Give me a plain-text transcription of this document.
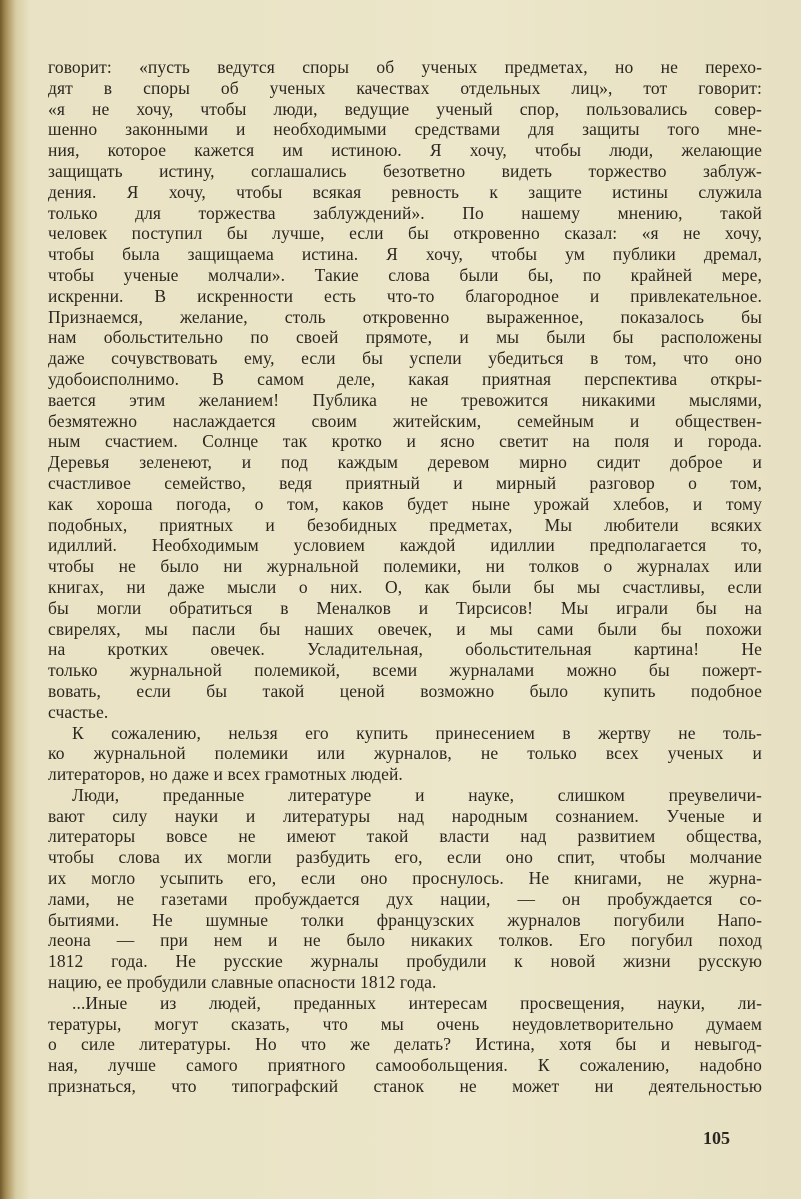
говорит: «пусть ведутся споры об ученых предметах, но не перехо-
дят в споры об ученых качествах отдельных лиц», тот говорит:
«я не хочу, чтобы люди, ведущие ученый спор, пользовались совер-
шенно законными и необходимыми средствами для защиты того мне-
ния, которое кажется им истиною. Я хочу, чтобы люди, желающие
защищать истину, соглашались безответно видеть торжество заблуж-
дения. Я хочу, чтобы всякая ревность к защите истины служила
только для торжества заблуждений». По нашему мнению, такой
человек поступил бы лучше, если бы откровенно сказал: «я не хочу,
чтобы была защищаема истина. Я хочу, чтобы ум публики дремал,
чтобы ученые молчали». Такие слова были бы, по крайней мере,
искренни. В искренности есть что-то благородное и привлекательное.
Признаемся, желание, столь откровенно выраженное, показалось бы
нам обольстительно по своей прямоте, и мы были бы расположены
даже сочувствовать ему, если бы успели убедиться в том, что оно
удобоисполнимо. В самом деле, какая приятная перспектива откры-
вается этим желанием! Публика не тревожится никакими мыслями,
безмятежно наслаждается своим житейским, семейным и обществен-
ным счастием. Солнце так кротко и ясно светит на поля и города.
Деревья зеленеют, и под каждым деревом мирно сидит доброе и
счастливое семейство, ведя приятный и мирный разговор о том,
как хороша погода, о том, каков будет ныне урожай хлебов, и тому
подобных, приятных и безобидных предметах, Мы любители всяких
идиллий. Необходимым условием каждой идиллии предполагается то,
чтобы не было ни журнальной полемики, ни толков о журналах или
книгах, ни даже мысли о них. О, как были бы мы счастливы, если
бы могли обратиться в Меналков и Тирсисов! Мы играли бы на
свирелях, мы пасли бы наших овечек, и мы сами были бы похожи
на кротких овечек. Усладительная, обольстительная картина! Не
только журнальной полемикой, всеми журналами можно бы пожерт-
вовать, если бы такой ценой возможно было купить подобное
счастье.
К сожалению, нельзя его купить принесением в жертву не толь-
ко журнальной полемики или журналов, не только всех ученых и
литераторов, но даже и всех грамотных людей.
Люди, преданные литературе и науке, слишком преувеличи-
вают силу науки и литературы над народным сознанием. Ученые и
литераторы вовсе не имеют такой власти над развитием общества,
чтобы слова их могли разбудить его, если оно спит, чтобы молчание
их могло усыпить его, если оно проснулось. Не книгами, не журна-
лами, не газетами пробуждается дух нации, — он пробуждается со-
бытиями. Не шумные толки французских журналов погубили Напо-
леона — при нем и не было никаких толков. Его погубил поход
1812 года. Не русские журналы пробудили к новой жизни русскую
нацию, ее пробудили славные опасности 1812 года.
...Иные из людей, преданных интересам просвещения, науки, ли-
тературы, могут сказать, что мы очень неудовлетворительно думаем
о силе литературы. Но что же делать? Истина, хотя бы и невыгод-
ная, лучше самого приятного самообольщения. К сожалению, надобно
признаться, что типографский станок не может ни деятельностью
105
